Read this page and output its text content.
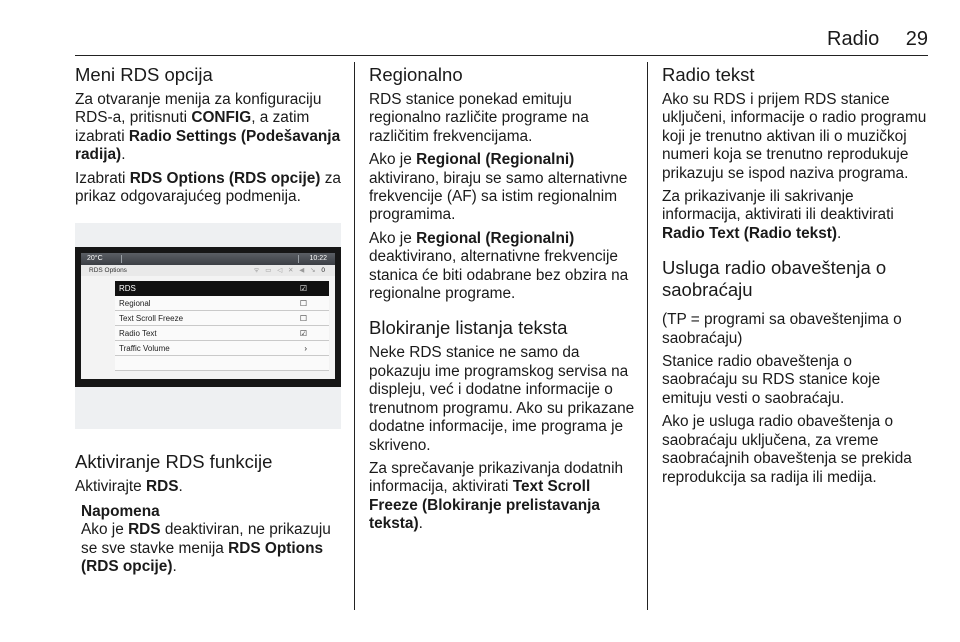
Radio 29
Meni RDS opcija

Za otvaranje menija za konfiguraciju RDS-a, pritisnuti CONFIG, a zatim izabrati Radio Settings (Podešavanja radija).

Izabrati RDS Options (RDS opcije) za prikaz odgovarajućeg podmenija.

20°C	10:22
RDS Options	ᯤ ▭ ◁ ✕ ◀ ↘ 0
RDS	☑
Regional	☐
Text Scroll Freeze	☐
Radio Text	☑
Traffic Volume	›
Aktiviranje RDS funkcije

Aktivirajte RDS.

Napomena
Ako je RDS deaktiviran, ne prikazuju se sve stavke menija RDS Options (RDS opcije).
Regionalno

RDS stanice ponekad emituju regionalno različite programe na različitim frekvencijama.

Ako je Regional (Regionalni) aktivirano, biraju se samo alternativne frekvencije (AF) sa istim regionalnim programima.

Ako je Regional (Regionalni) deaktivirano, alternativne frekvencije stanica će biti odabrane bez obzira na regionalne programe.

Blokiranje listanja teksta

Neke RDS stanice ne samo da pokazuju ime programskog servisa na displeju, već i dodatne informacije o trenutnom programu. Ako su prikazane dodatne informacije, ime programa je skriveno.

Za sprečavanje prikazivanja dodatnih informacija, aktivirati Text Scroll Freeze (Blokiranje prelistavanja teksta).

Radio tekst

Ako su RDS i prijem RDS stanice uključeni, informacije o radio programu koji je trenutno aktivan ili o muzičkoj numeri koja se trenutno reprodukuje prikazuju se ispod naziva programa.

Za prikazivanje ili sakrivanje informacija, aktivirati ili deaktivirati Radio Text (Radio tekst).

Usluga radio obaveštenja o saobraćaju

(TP = programi sa obaveštenjima o saobraćaju)

Stanice radio obaveštenja o saobraćaju su RDS stanice koje emituju vesti o saobraćaju.

Ako je usluga radio obaveštenja o saobraćaju uključena, za vreme saobraćajnih obaveštenja se prekida reprodukcija sa radija ili medija.
